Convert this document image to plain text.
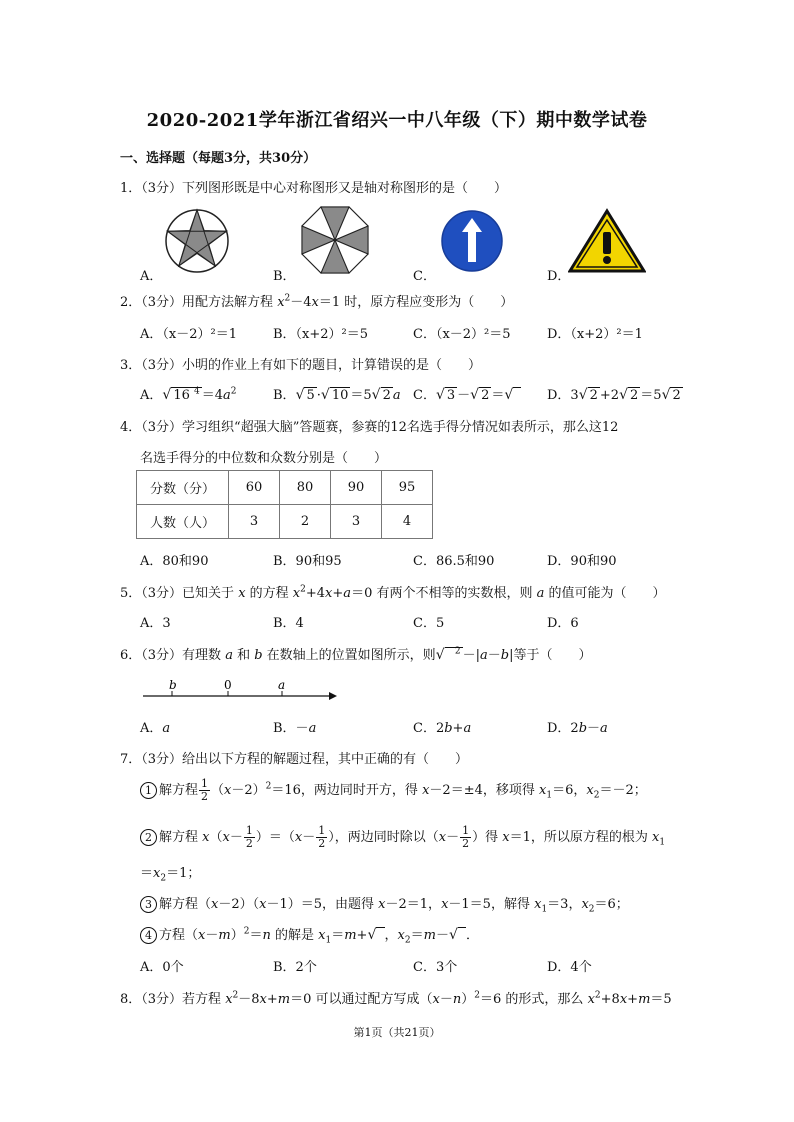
2020-2021学年浙江省绍兴一中八年级（下）期中数学试卷
一、选择题（每题3分，共30分）
1．（3分）下列图形既是中心对称图形又是轴对称图形的是（　　）
A．	B．	C．	D．
2．（3分）用配方法解方程 $x^2-4x=1$ 时，原方程应变形为（　　）
A．（x－2）²＝1	B．（x+2）²＝5	C．（x－2）²＝5	D．（x+2）²＝1
3．（3分）小明的作业上有如下的题目，计算错误的是（　　）
A．√ 16 $^4 =4a^2$	B．√ 5 ·√ 10 ＝5√ 2 a C．√ 3 －√ 2 ＝√	D．3√ 2 +2√ 2 ＝5√ 2
4．（3分）学习组织“超强大脑”答题赛，参赛的12名选手得分情况如表所示，那么这12
名选手得分的中位数和众数分别是（　　）
分数（分）	60	80	90	95
人数（人）	3	2	3	4
A．80和90	B．90和95	C．86.5和90	D．90和90
5．（3分）已知关于 x 的方程 $x^2+4x+a=0$ 有两个不相等的实数根，则 a 的值可能为（　　）
A．3	B．4	C．5	D．6
6．（3分）有理数 a 和 b 在数轴上的位置如图所示，则√ $^2$ －|a－b|等于（　　）
b	0	a
A．a	B．－a	C．2b+a	D．2b－a
7．（3分）给出以下方程的解题过程，其中正确的有（　　）
1 解方程 $\frac{1}{2} (x-2)^2=16$，两边同时开方，得 x－2＝±4，移项得 $x_1=6$，$x_2=-2$；
2 解方程 $x(x- \frac{1}{2} )=(x- \frac{1}{2}$ ），两边同时除以（$x- \frac{1}{2}$ ）得 x＝1，所以原方程的根为 $x_1$
$=x_2=1$；
3 解方程（x－2）（x－1）＝5，由题得 x－2＝1，x－1＝5，解得 $x_1=3$，$x_2=6$；
4 方程$(x-m)^2=n$ 的解是 $x_1=m+√$ ，$x_2=m-√$ ．
A．0个	B．2个	C．3个	D．4个
8．（3分）若方程 $x^2-8x+m=0$ 可以通过配方写成$(x-n)^2=6$ 的形式，那么 $x^2+8x+m=5$
第1页（共21页）
